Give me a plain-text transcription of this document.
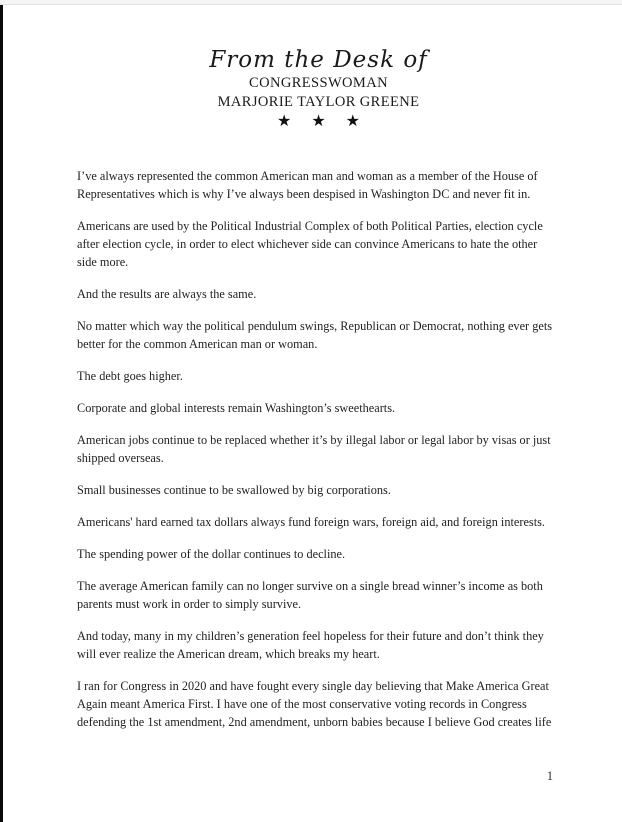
From the Desk of
CONGRESSWOMAN
MARJORIE TAYLOR GREENE
★ ★ ★

I’ve always represented the common American man and woman as a member of the House of Representatives which is why I’ve always been despised in Washington DC and never fit in.

Americans are used by the Political Industrial Complex of both Political Parties, election cycle after election cycle, in order to elect whichever side can convince Americans to hate the other side more.

And the results are always the same.

No matter which way the political pendulum swings, Republican or Democrat, nothing ever gets better for the common American man or woman.

The debt goes higher.

Corporate and global interests remain Washington’s sweethearts.

American jobs continue to be replaced whether it’s by illegal labor or legal labor by visas or just shipped overseas.

Small businesses continue to be swallowed by big corporations.

Americans' hard earned tax dollars always fund foreign wars, foreign aid, and foreign interests.

The spending power of the dollar continues to decline.

The average American family can no longer survive on a single bread winner’s income as both parents must work in order to simply survive.

And today, many in my children’s generation feel hopeless for their future and don’t think they will ever realize the American dream, which breaks my heart.

I ran for Congress in 2020 and have fought every single day believing that Make America Great Again meant America First. I have one of the most conservative voting records in Congress defending the 1st amendment, 2nd amendment, unborn babies because I believe God creates life

1
